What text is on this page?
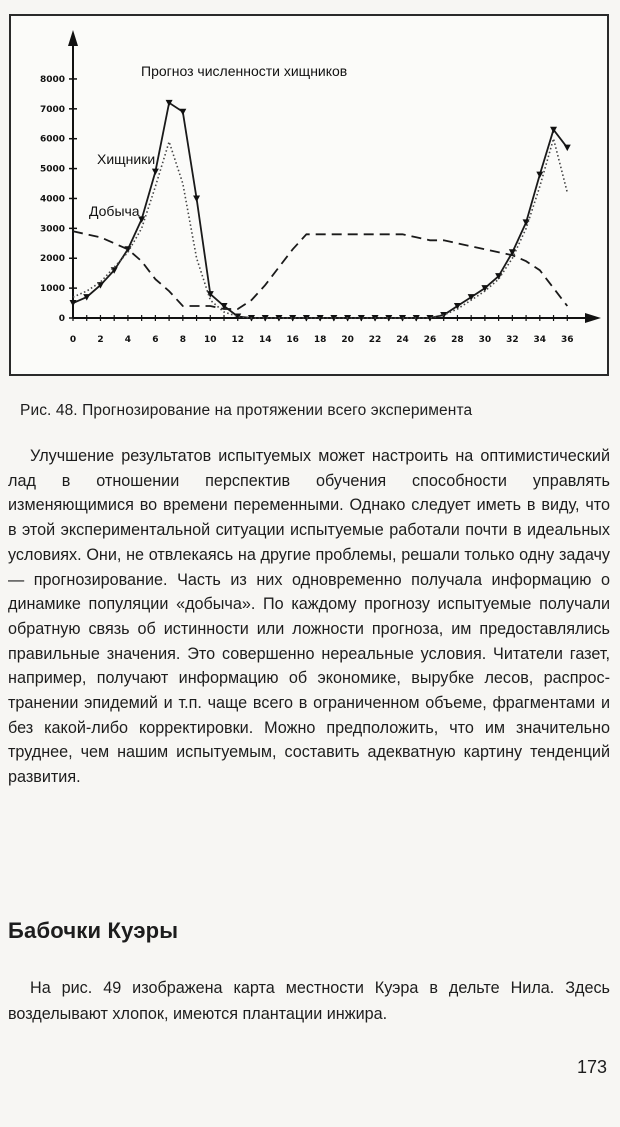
0
1000
2000
3000
4000
5000
6000
7000
8000
0 2 4 6 8 10 12 14 16 18 20 22 24 26 28 30 32 34 36
Прогноз численности хищников
Хищники
Добыча
Рис. 48. Прогнозирование на протяжении всего эксперимента

Улучшение результатов испытуемых может настроить на оптимистический лад в отношении перспектив обучения способности управлять изменяющимися во времени переменными. Однако следует иметь в виду, что в этой экспериментальной ситуации испытуемые работали почти в идеальных условиях. Они, не отвлекаясь на другие проблемы, решали только одну задачу — прогнозирование. Часть из них одновременно получала информацию о динамике популяции «добыча». По каждому прогнозу испытуемые получали обратную связь об истинности или ложности прогноза, им предоставлялись правильные значения. Это совершенно нереальные условия. Читатели газет, например, получают информацию об экономике, вырубке лесов, распространении эпидемий и т.п. чаще всего в ограниченном объеме, фрагментами и без какой-либо корректировки. Можно предположить, что им значительно труднее, чем нашим испытуемым, составить адекватную картину тенденций развития.

Бабочки Куэры

На рис. 49 изображена карта местности Куэра в дельте Нила. Здесь возделывают хлопок, имеются плантации инжира.

173
